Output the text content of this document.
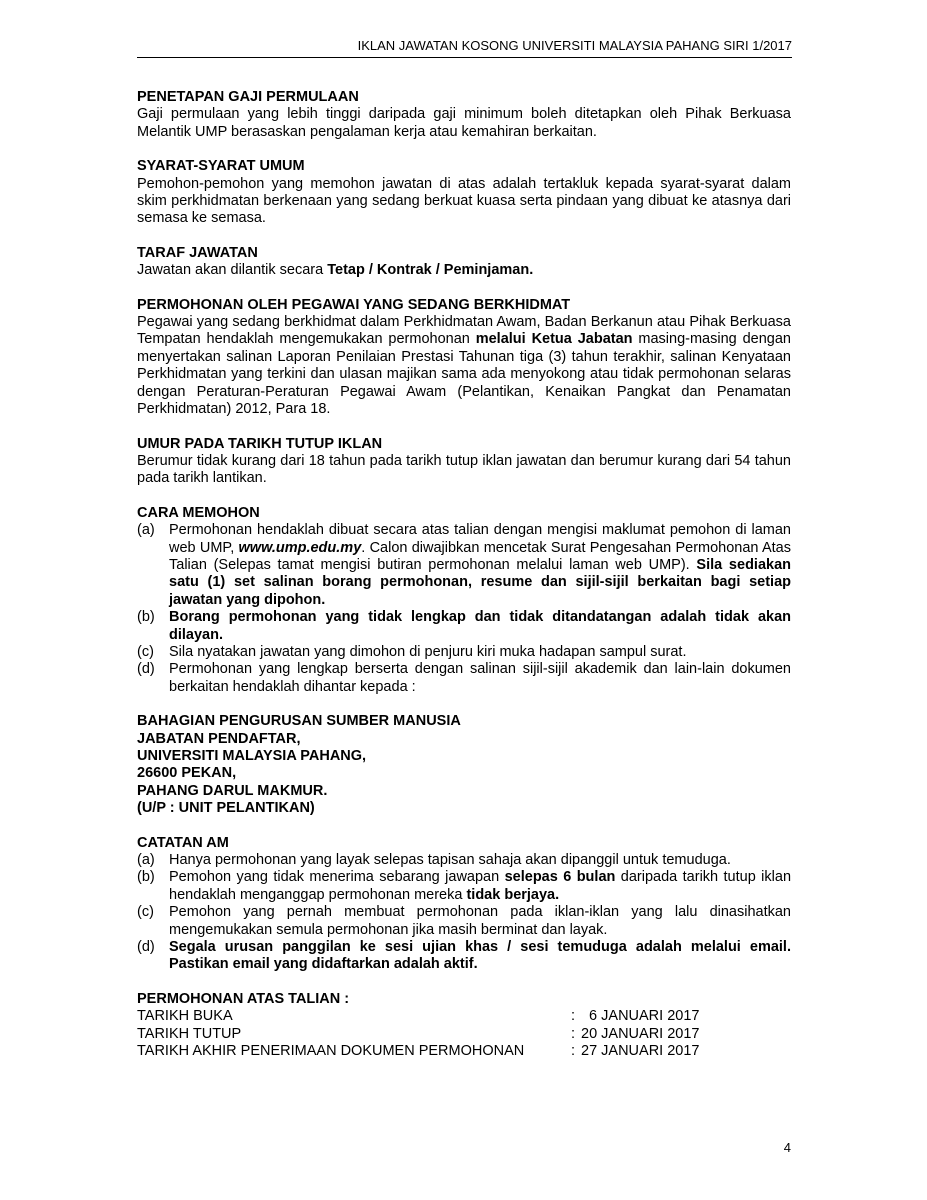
IKLAN JAWATAN KOSONG UNIVERSITI MALAYSIA PAHANG SIRI 1/2017

PENETAPAN GAJI PERMULAAN

Gaji permulaan yang lebih tinggi daripada gaji minimum boleh ditetapkan oleh Pihak Berkuasa Melantik UMP berasaskan pengalaman kerja atau kemahiran berkaitan.

SYARAT-SYARAT UMUM

Pemohon-pemohon yang memohon jawatan di atas adalah tertakluk kepada syarat-syarat dalam skim perkhidmatan berkenaan yang sedang berkuat kuasa serta pindaan yang dibuat ke atasnya dari semasa ke semasa.

TARAF JAWATAN

Jawatan akan dilantik secara Tetap / Kontrak / Peminjaman.

PERMOHONAN OLEH PEGAWAI YANG SEDANG BERKHIDMAT

Pegawai yang sedang berkhidmat dalam Perkhidmatan Awam, Badan Berkanun atau Pihak Berkuasa Tempatan hendaklah mengemukakan permohonan melalui Ketua Jabatan masing-masing dengan menyertakan salinan Laporan Penilaian Prestasi Tahunan tiga (3) tahun terakhir, salinan Kenyataan Perkhidmatan yang terkini dan ulasan majikan sama ada menyokong atau tidak permohonan selaras dengan Peraturan-Peraturan Pegawai Awam (Pelantikan, Kenaikan Pangkat dan Penamatan Perkhidmatan) 2012, Para 18.

UMUR PADA TARIKH TUTUP IKLAN

Berumur tidak kurang dari 18 tahun pada tarikh tutup iklan jawatan dan berumur kurang dari 54 tahun pada tarikh lantikan.

CARA MEMOHON

(a) Permohonan hendaklah dibuat secara atas talian dengan mengisi maklumat pemohon di laman web UMP, www.ump.edu.my. Calon diwajibkan mencetak Surat Pengesahan Permohonan Atas Talian (Selepas tamat mengisi butiran permohonan melalui laman web UMP). Sila sediakan satu (1) set salinan borang permohonan, resume dan sijil-sijil berkaitan bagi setiap jawatan yang dipohon.
(b) Borang permohonan yang tidak lengkap dan tidak ditandatangan adalah tidak akan dilayan.
(c)	Sila nyatakan jawatan yang dimohon di penjuru kiri muka hadapan sampul surat.
(d) Permohonan yang lengkap berserta dengan salinan sijil-sijil akademik dan lain-lain dokumen berkaitan hendaklah dihantar kepada :

BAHAGIAN PENGURUSAN SUMBER MANUSIA

JABATAN PENDAFTAR,

UNIVERSITI MALAYSIA PAHANG,

26600 PEKAN,

PAHANG DARUL MAKMUR.

(U/P : UNIT PELANTIKAN)

CATATAN AM

(a) Hanya permohonan yang layak selepas tapisan sahaja akan dipanggil untuk temuduga.
(b) Pemohon yang tidak menerima sebarang jawapan selepas 6 bulan daripada tarikh tutup iklan hendaklah menganggap permohonan mereka tidak berjaya.
(c)	Pemohon yang pernah membuat permohonan pada iklan-iklan yang lalu dinasihatkan mengemukakan semula permohonan jika masih berminat dan layak.
(d) Segala urusan panggilan ke sesi ujian khas / sesi temuduga adalah melalui email. Pastikan email yang didaftarkan adalah aktif.

PERMOHONAN ATAS TALIAN :

TARIKH BUKA	: 6 JANUARI 2017
TARIKH TUTUP	: 20 JANUARI 2017
TARIKH AKHIR PENERIMAAN DOKUMEN PERMOHONAN	: 27 JANUARI 2017
4
